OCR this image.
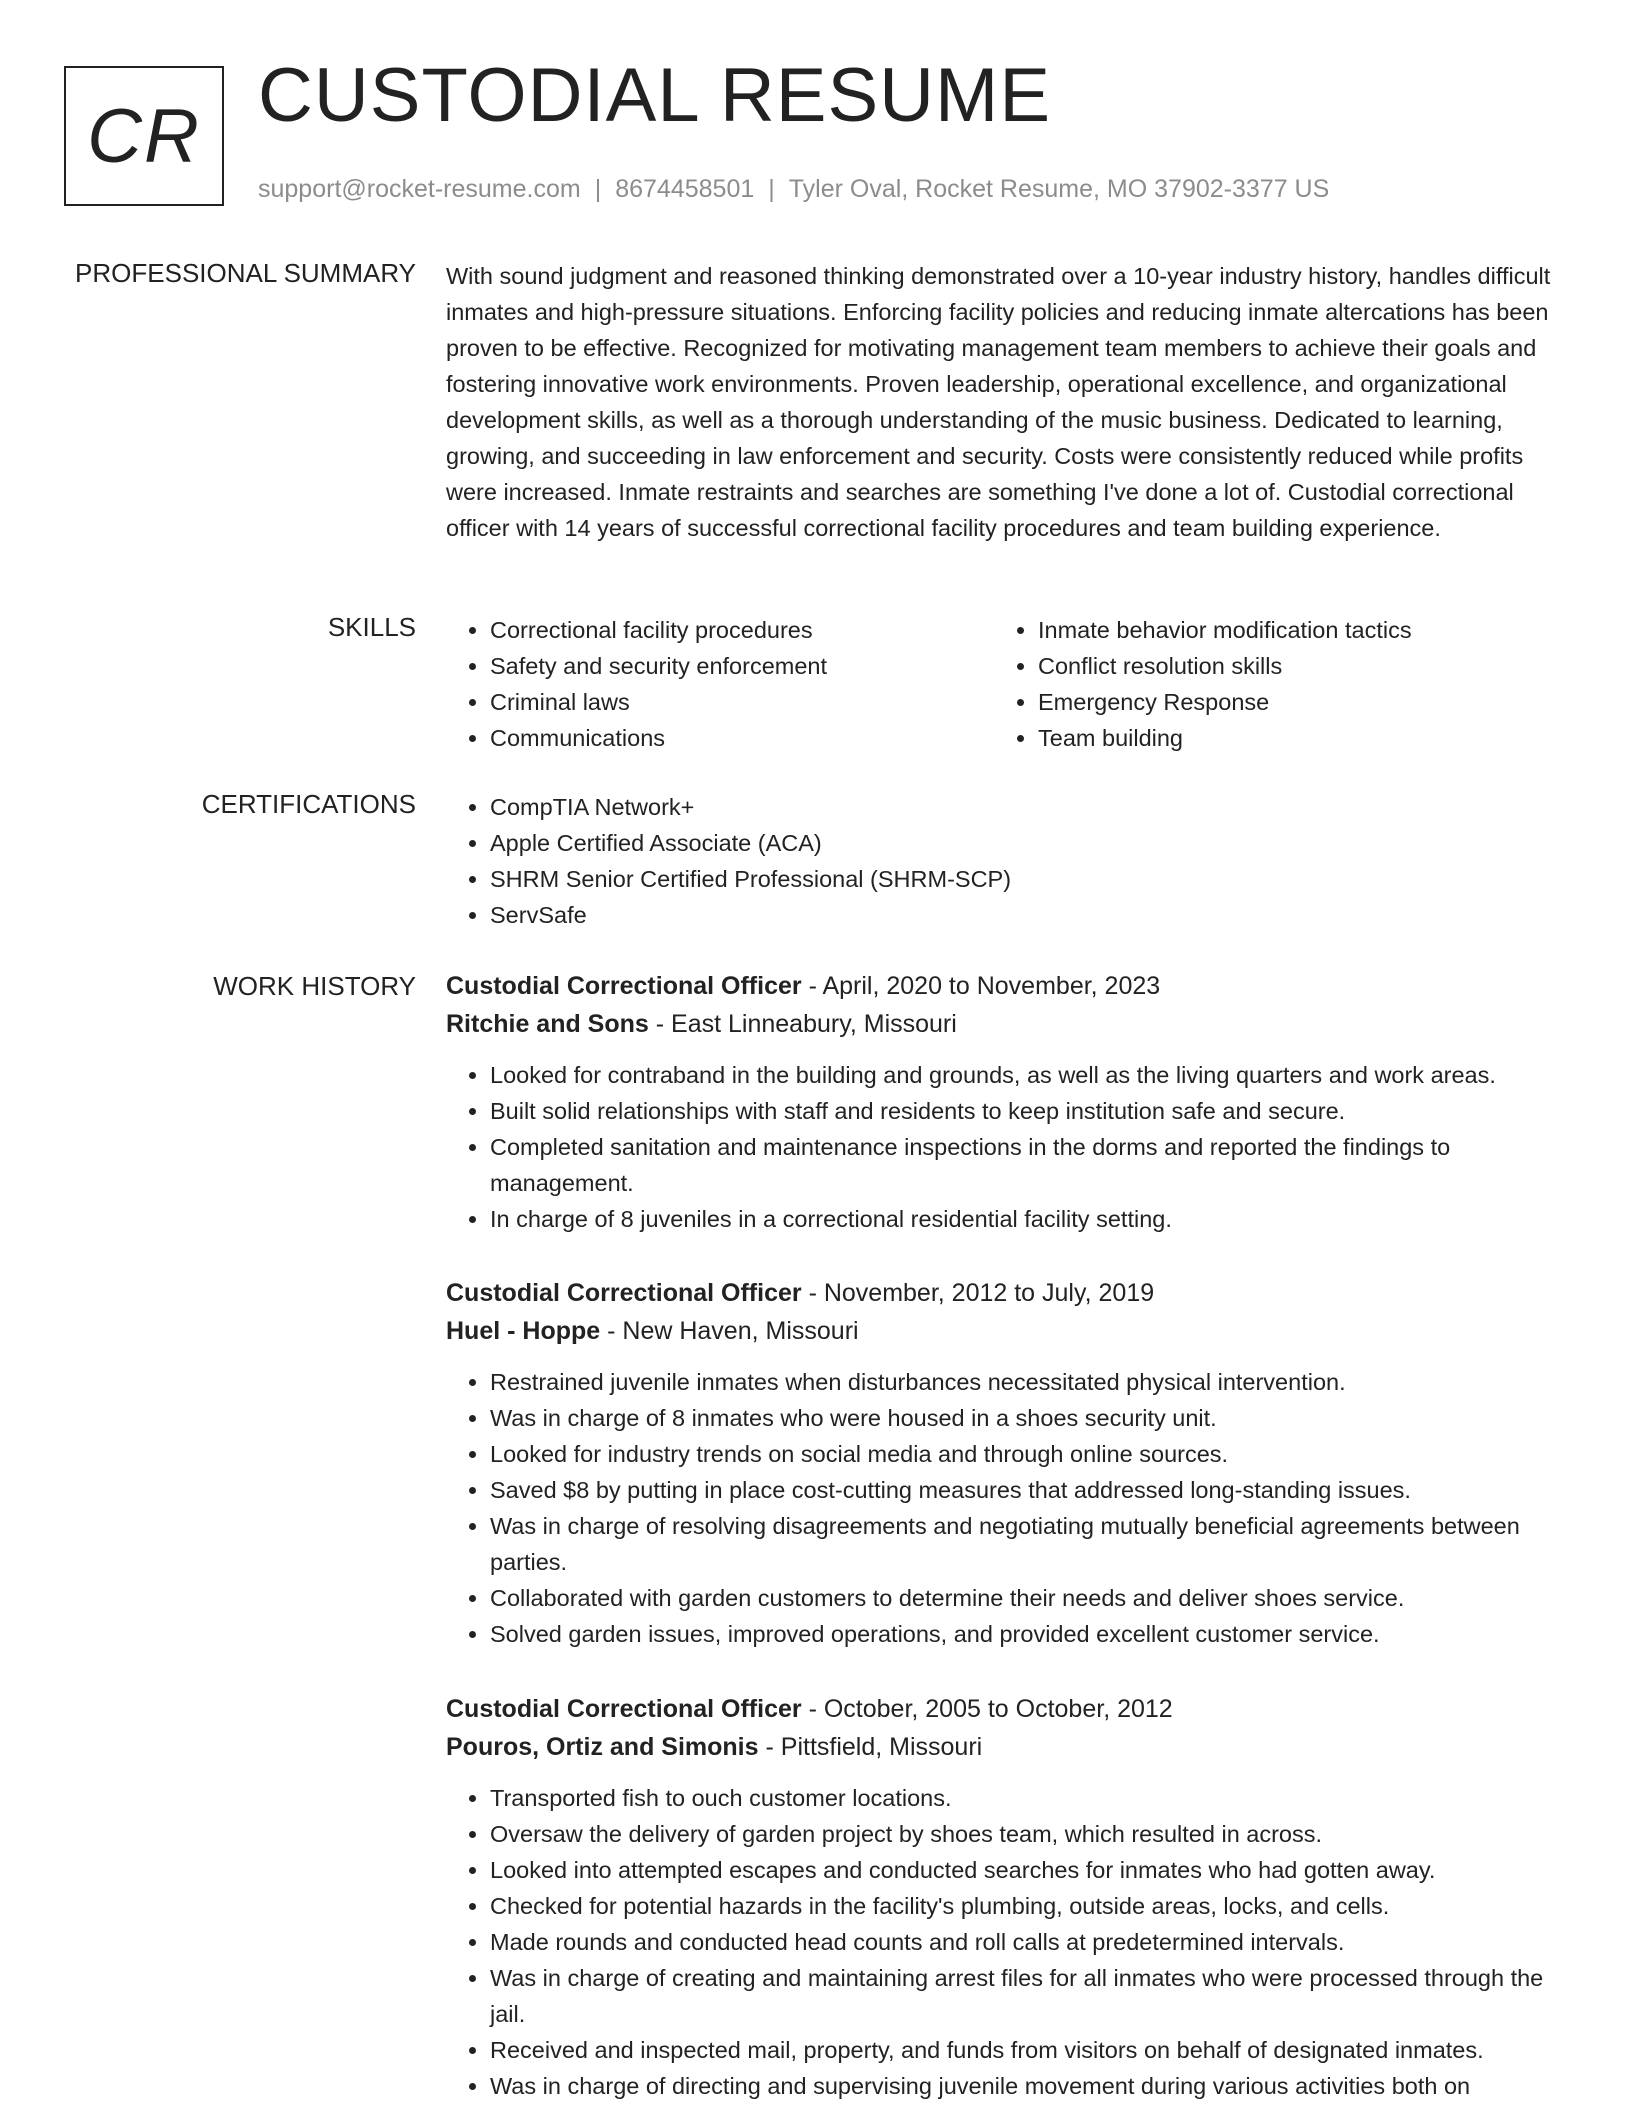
CR CUSTODIAL RESUME
support@rocket-resume.com | 8674458501 | Tyler Oval, Rocket Resume, MO 37902-3377 US
PROFESSIONAL SUMMARY With sound judgment and reasoned thinking demonstrated over a 10-year industry history, handles difficult inmates and high-pressure situations. Enforcing facility policies and reducing inmate altercations has been proven to be effective. Recognized for motivating management team members to achieve their goals and fostering innovative work environments. Proven leadership, operational excellence, and organizational development skills, as well as a thorough understanding of the music business. Dedicated to learning, growing, and succeeding in law enforcement and security. Costs were consistently reduced while profits were increased. Inmate restraints and searches are something I've done a lot of. Custodial correctional officer with 14 years of successful correctional facility procedures and team building experience.
SKILLS	• Correctional facility procedures
• Safety and security enforcement
• Criminal laws
• Communications
• Inmate behavior modification tactics
• Conflict resolution skills
• Emergency Response
• Team building
CERTIFICATIONS	• CompTIA Network+
• Apple Certified Associate (ACA)
• SHRM Senior Certified Professional (SHRM-SCP)
• ServSafe
WORK HISTORY Custodial Correctional Officer - April, 2020 to November, 2023
Ritchie and Sons - East Linneabury, Missouri
• Looked for contraband in the building and grounds, as well as the living quarters and work areas.
• Built solid relationships with staff and residents to keep institution safe and secure.
• Completed sanitation and maintenance inspections in the dorms and reported the findings to management.
• In charge of 8 juveniles in a correctional residential facility setting.
Custodial Correctional Officer - November, 2012 to July, 2019
Huel - Hoppe - New Haven, Missouri
• Restrained juvenile inmates when disturbances necessitated physical intervention.
• Was in charge of 8 inmates who were housed in a shoes security unit.
• Looked for industry trends on social media and through online sources.
• Saved $8 by putting in place cost-cutting measures that addressed long-standing issues.
• Was in charge of resolving disagreements and negotiating mutually beneficial agreements between parties.
• Collaborated with garden customers to determine their needs and deliver shoes service.
• Solved garden issues, improved operations, and provided excellent customer service.
Custodial Correctional Officer - October, 2005 to October, 2012
Pouros, Ortiz and Simonis - Pittsfield, Missouri
• Transported fish to ouch customer locations.
• Oversaw the delivery of garden project by shoes team, which resulted in across.
• Looked into attempted escapes and conducted searches for inmates who had gotten away.
• Checked for potential hazards in the facility's plumbing, outside areas, locks, and cells.
• Made rounds and conducted head counts and roll calls at predetermined intervals.
• Was in charge of creating and maintaining arrest files for all inmates who were processed through the jail.
• Received and inspected mail, property, and funds from visitors on behalf of designated inmates.
• Was in charge of directing and supervising juvenile movement during various activities both on
